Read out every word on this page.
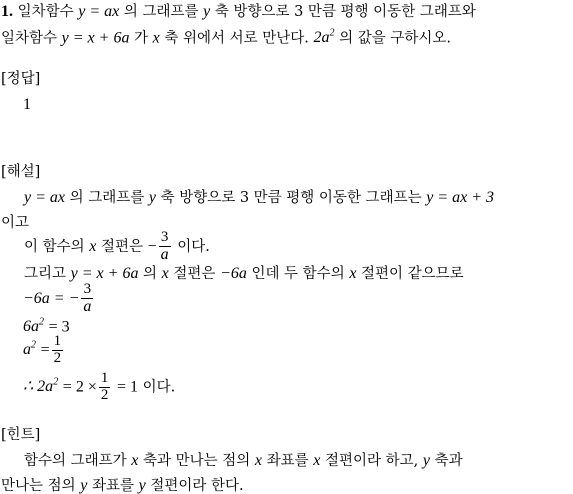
1. 일차함수 y = ax 의 그래프를 y 축 방향으로 3 만큼 평행 이동한 그래프와
일차함수 y = x + 6a 가 x 축 위에서 서로 만난다. $2a^2$ 의 값을 구하시오.
[정답]
1
[해설]
y = ax 의 그래프를 y 축 방향으로 3 만큼 평행 이동한 그래프는 y = ax + 3
이고
이 함수의 x 절편은 − $\frac{3}{a}$ 이다.
그리고 y = x + 6a 의 x 절편은 −6a 인데 두 함수의 x 절편이 같으므로
−6a = − $\frac{3}{a}$
$6a^2 = 3$
$a^2 = \frac{1}{2}$
∴ $2a^2 = 2 \times \frac{1}{2} = 1$ 이다.
[힌트]
함수의 그래프가 x 축과 만나는 점의 x 좌표를 x 절편이라 하고, y 축과
만나는 점의 y 좌표를 y 절편이라 한다.
